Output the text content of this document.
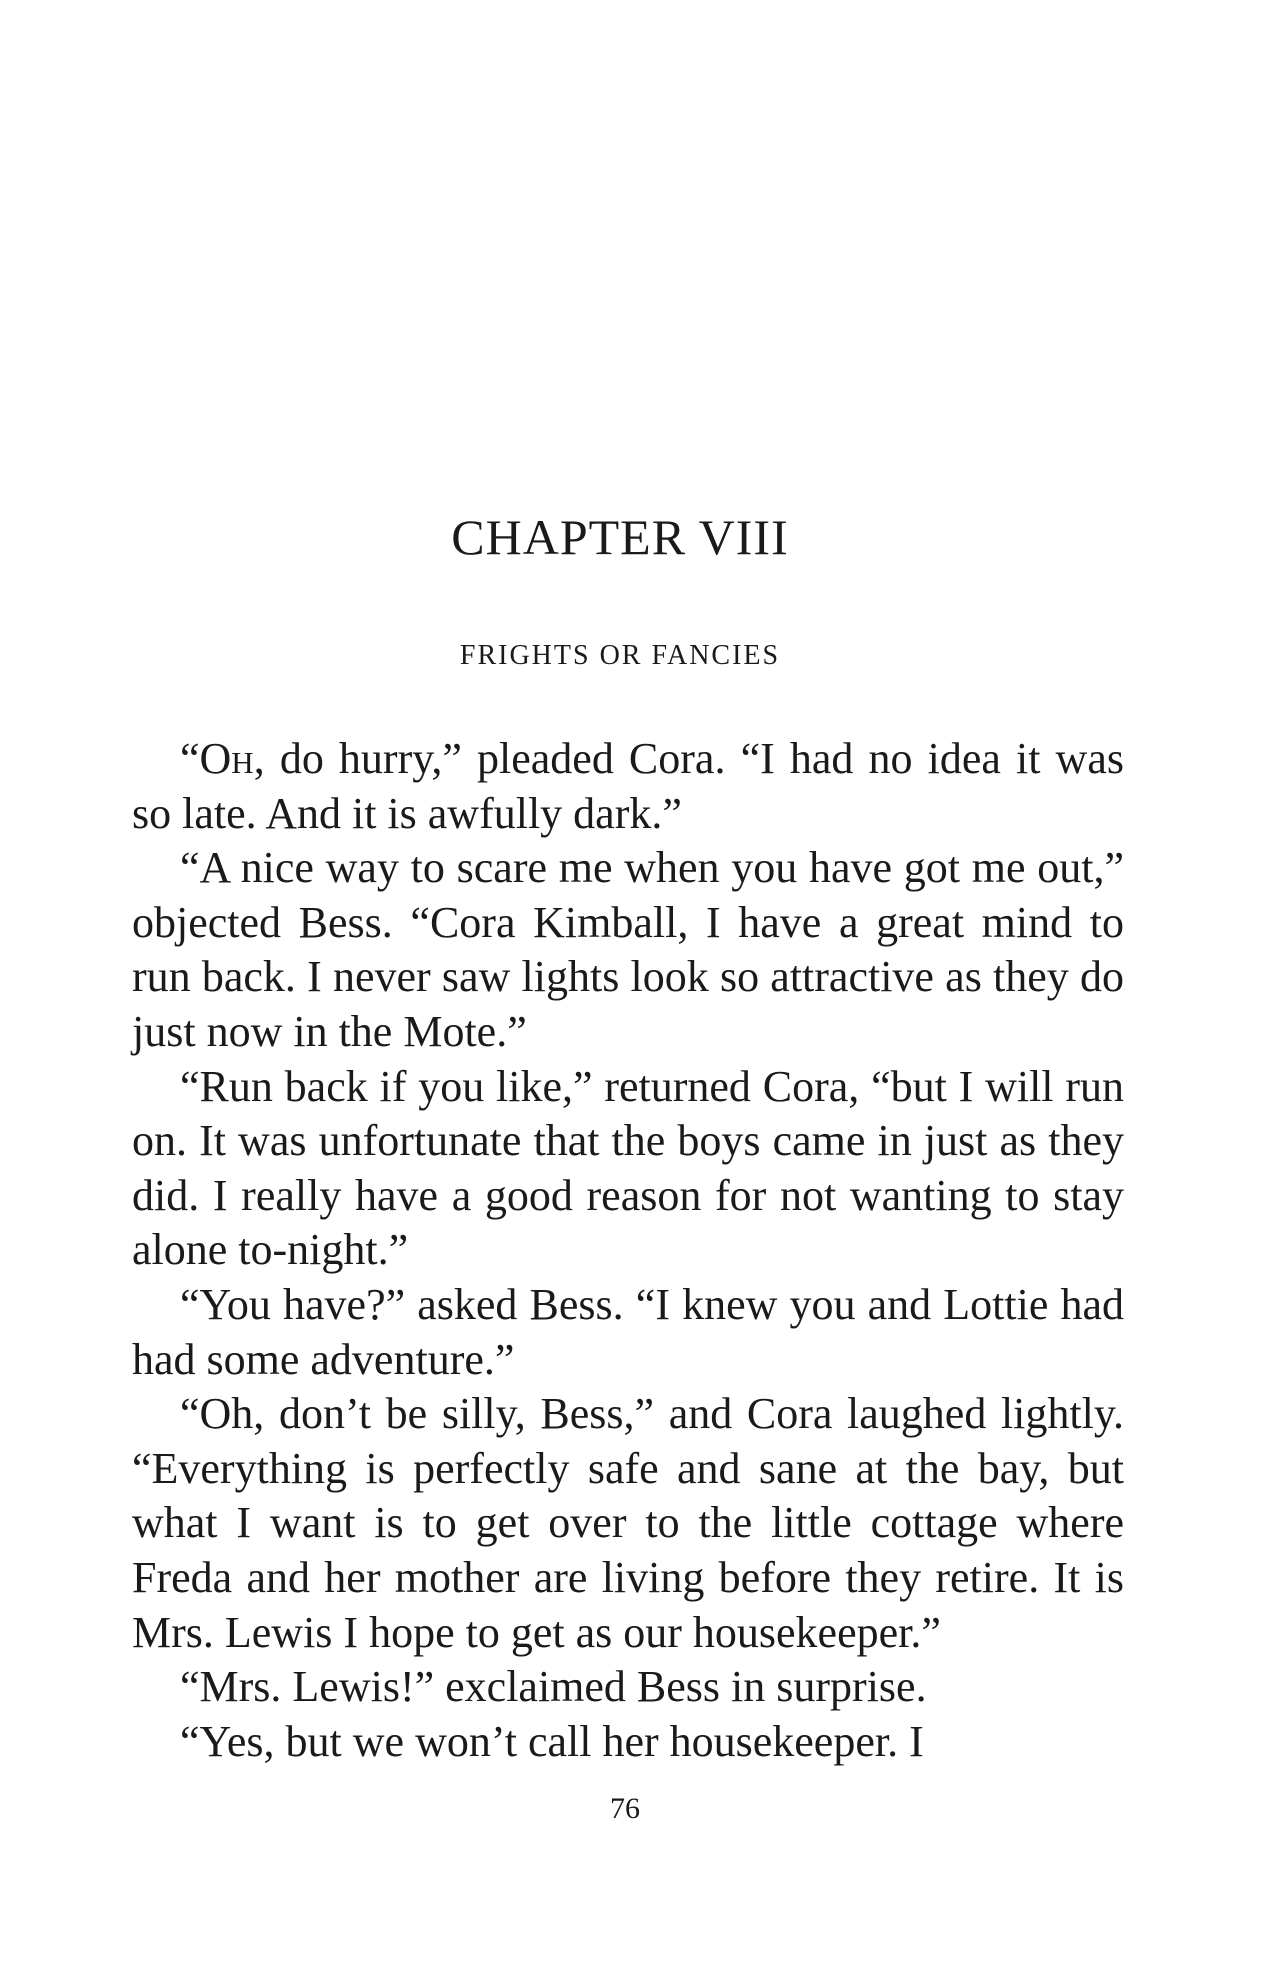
CHAPTER VIII
FRIGHTS OR FANCIES

“Oh, do hurry,” pleaded Cora. “I had no idea it was so late. And it is awfully dark.”

“A nice way to scare me when you have got me out,” objected Bess. “Cora Kimball, I have a great mind to run back. I never saw lights look so attractive as they do just now in the Mote.”

“Run back if you like,” returned Cora, “but I will run on. It was unfortunate that the boys came in just as they did. I really have a good reason for not wanting to stay alone to-night.”

“You have?” asked Bess. “I knew you and Lottie had had some adventure.”

“Oh, don’t be silly, Bess,” and Cora laughed lightly. “Everything is perfectly safe and sane at the bay, but what I want is to get over to the little cottage where Freda and her mother are living before they retire. It is Mrs. Lewis I hope to get as our housekeeper.”

“Mrs. Lewis!” exclaimed Bess in surprise.

“Yes, but we won’t call her housekeeper. I

76
